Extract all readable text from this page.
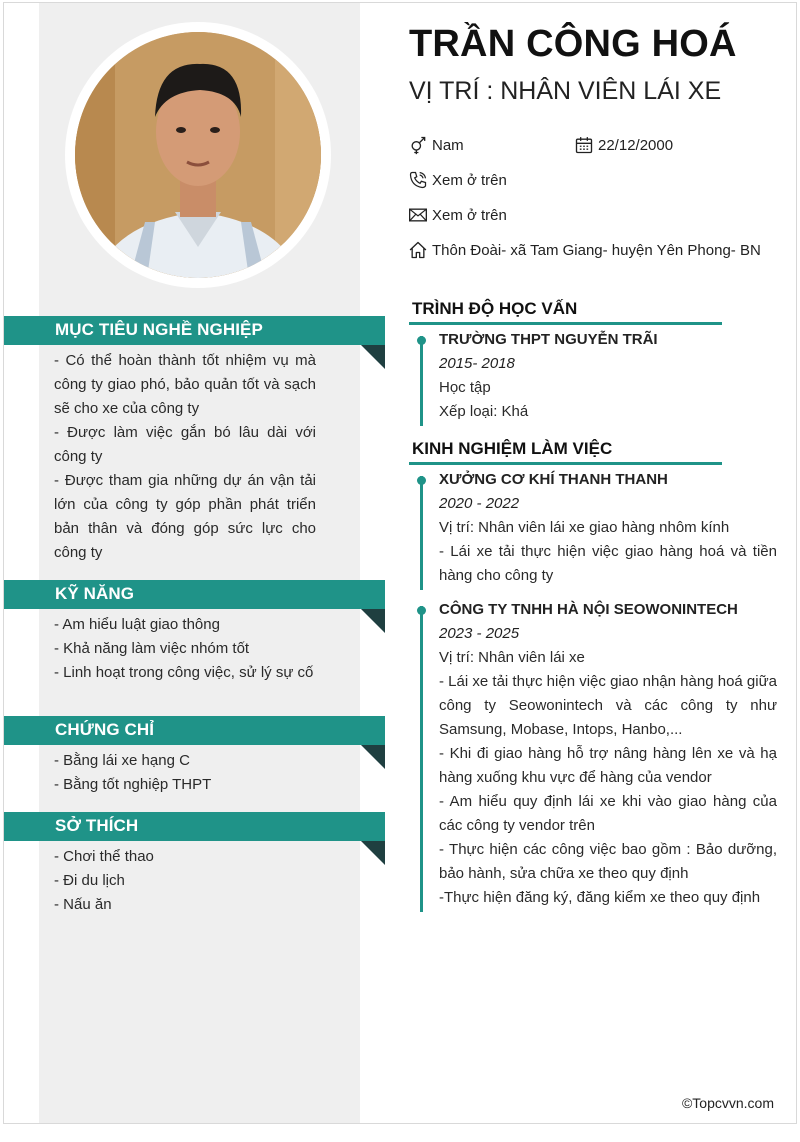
MỤC TIÊU NGHỀ NGHIỆP

- Có thể hoàn thành tốt nhiệm vụ mà công ty giao phó, bảo quản tốt và sạch sẽ cho xe của công ty

- Được làm việc gắn bó lâu dài với công ty

- Được tham gia những dự án vận tải lớn của công ty góp phần phát triển bản thân và đóng góp sức lực cho công ty

KỸ NĂNG

- Am hiểu luật giao thông

- Khả năng làm việc nhóm tốt

- Linh hoạt trong công việc, sử lý sự cố

CHỨNG CHỈ

- Bằng lái xe hạng C

- Bằng tốt nghiệp THPT

SỞ THÍCH

- Chơi thể thao

- Đi du lịch

- Nấu ăn

TRẦN CÔNG HOÁ
VỊ TRÍ : NHÂN VIÊN LÁI XE
Nam	22/12/2000
Xem ở trên
Xem ở trên
Thôn Đoài- xã Tam Giang- huyện Yên Phong- BN
TRÌNH ĐỘ HỌC VẤN
TRƯỜNG THPT NGUYỄN TRÃI
2015- 2018

Học tập

Xếp loại: Khá

KINH NGHIỆM LÀM VIỆC
XƯỞNG CƠ KHÍ THANH THANH
2020 - 2022

Vị trí: Nhân viên lái xe giao hàng nhôm kính

- Lái xe tải thực hiện việc giao hàng hoá và tiền hàng cho công ty

CÔNG TY TNHH HÀ NỘI SEOWONINTECH
2023 - 2025

Vị trí: Nhân viên lái xe

- Lái xe tải thực hiện việc giao nhận hàng hoá giữa công ty Seowonintech và các công ty như Samsung, Mobase, Intops, Hanbo,...

- Khi đi giao hàng hỗ trợ nâng hàng lên xe và hạ hàng xuống khu vực để hàng của vendor

- Am hiểu quy định lái xe khi vào giao hàng của các công ty vendor trên

- Thực hiện các công việc bao gồm : Bảo dưỡng, bảo hành, sửa chữa xe theo quy định

-Thực hiện đăng ký, đăng kiểm xe theo quy định

©Topcvvn.com
